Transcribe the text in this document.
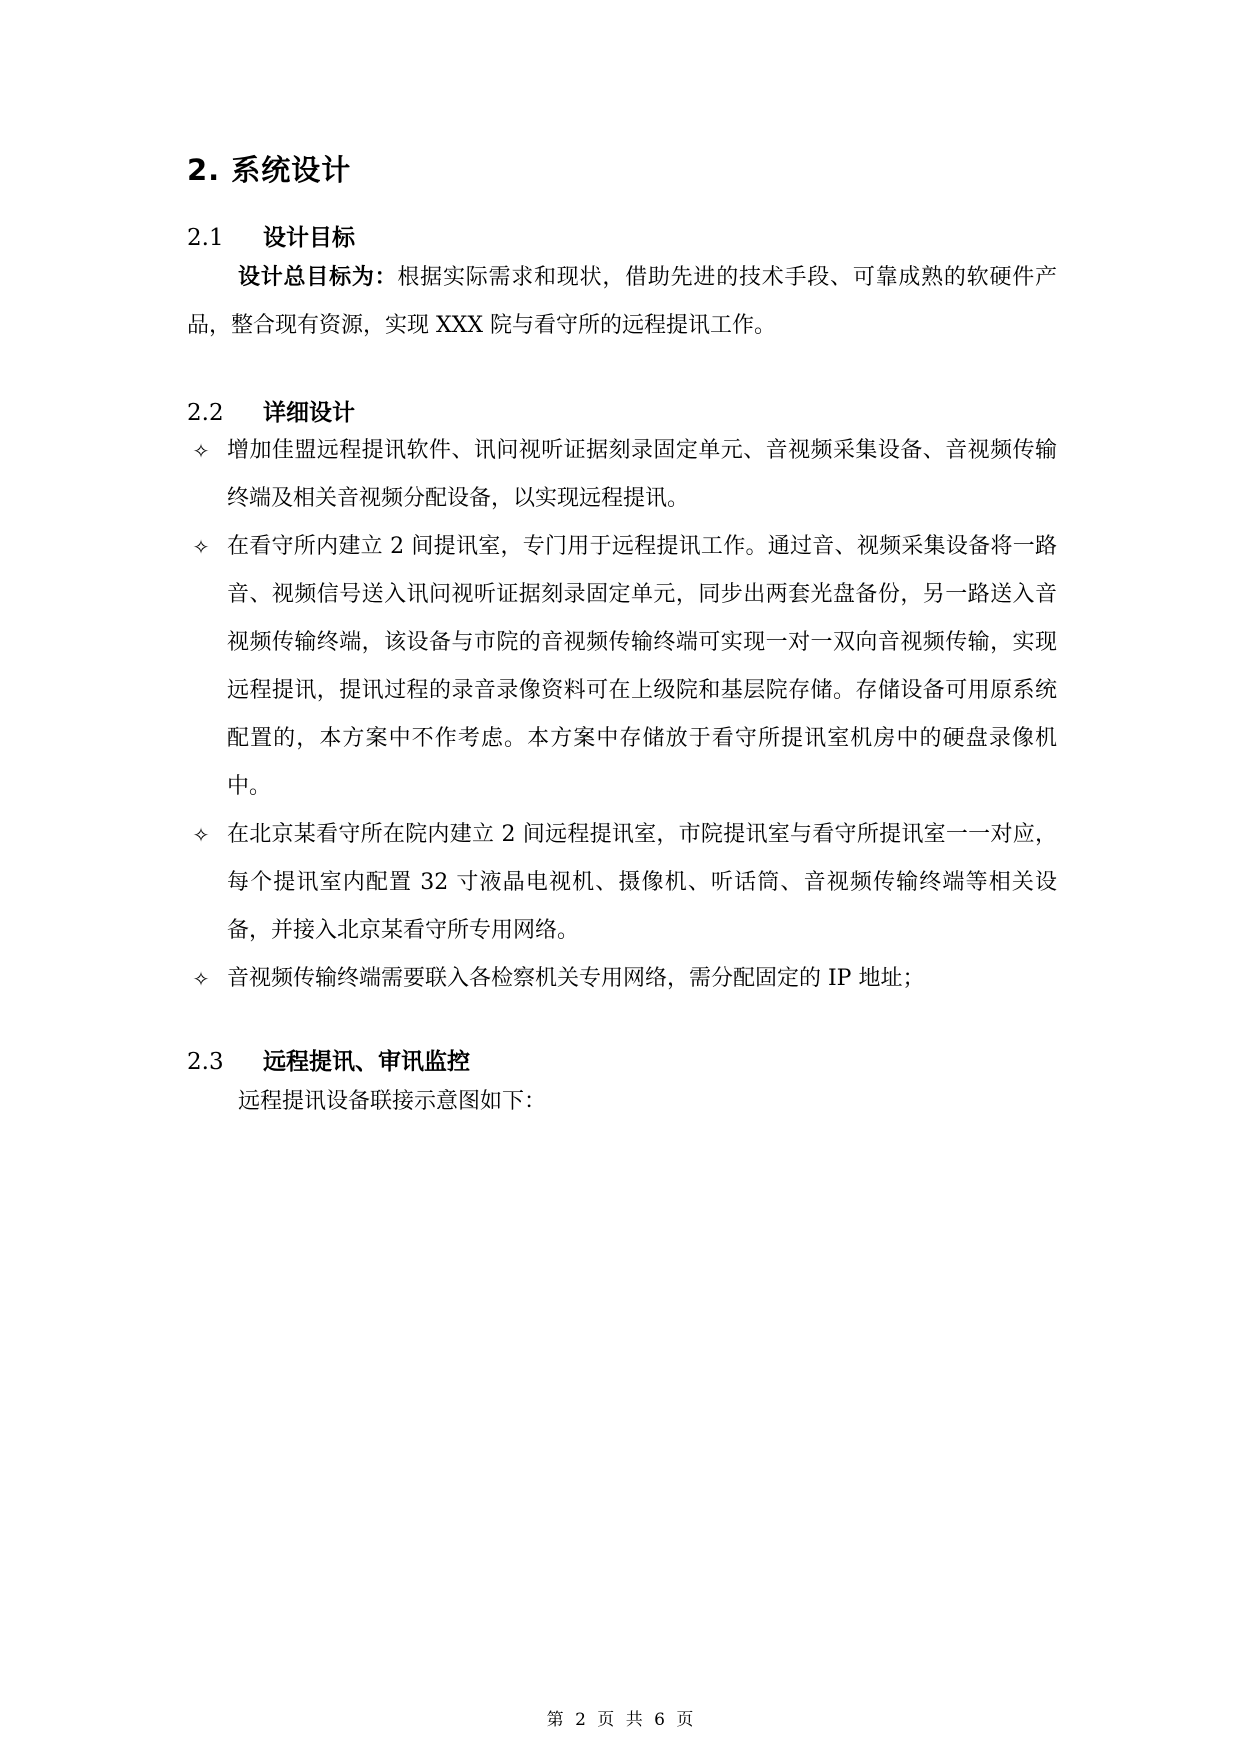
2. 系统设计
2.1 设计目标

设计总目标为：根据实际需求和现状，借助先进的技术手段、可靠成熟的软硬件产品，整合现有资源，实现 XXX 院与看守所的远程提讯工作。

2.2 详细设计
✧ 增加佳盟远程提讯软件、讯问视听证据刻录固定单元、音视频采集设备、音视频传输终端及相关音视频分配设备，以实现远程提讯。
✧ 在看守所内建立 2 间提讯室，专门用于远程提讯工作。通过音、视频采集设备将一路音、视频信号送入讯问视听证据刻录固定单元，同步出两套光盘备份，另一路送入音视频传输终端，该设备与市院的音视频传输终端可实现一对一双向音视频传输，实现远程提讯，提讯过程的录音录像资料可在上级院和基层院存储。存储设备可用原系统配置的，本方案中不作考虑。本方案中存储放于看守所提讯室机房中的硬盘录像机中。
✧ 在北京某看守所在院内建立 2 间远程提讯室，市院提讯室与看守所提讯室一一对应，每个提讯室内配置 32 寸液晶电视机、摄像机、听话筒、音视频传输终端等相关设备，并接入北京某看守所专用网络。
✧ 音视频传输终端需要联入各检察机关专用网络，需分配固定的 IP 地址；
2.3 远程提讯、审讯监控

远程提讯设备联接示意图如下：

第 2 页 共 6 页
